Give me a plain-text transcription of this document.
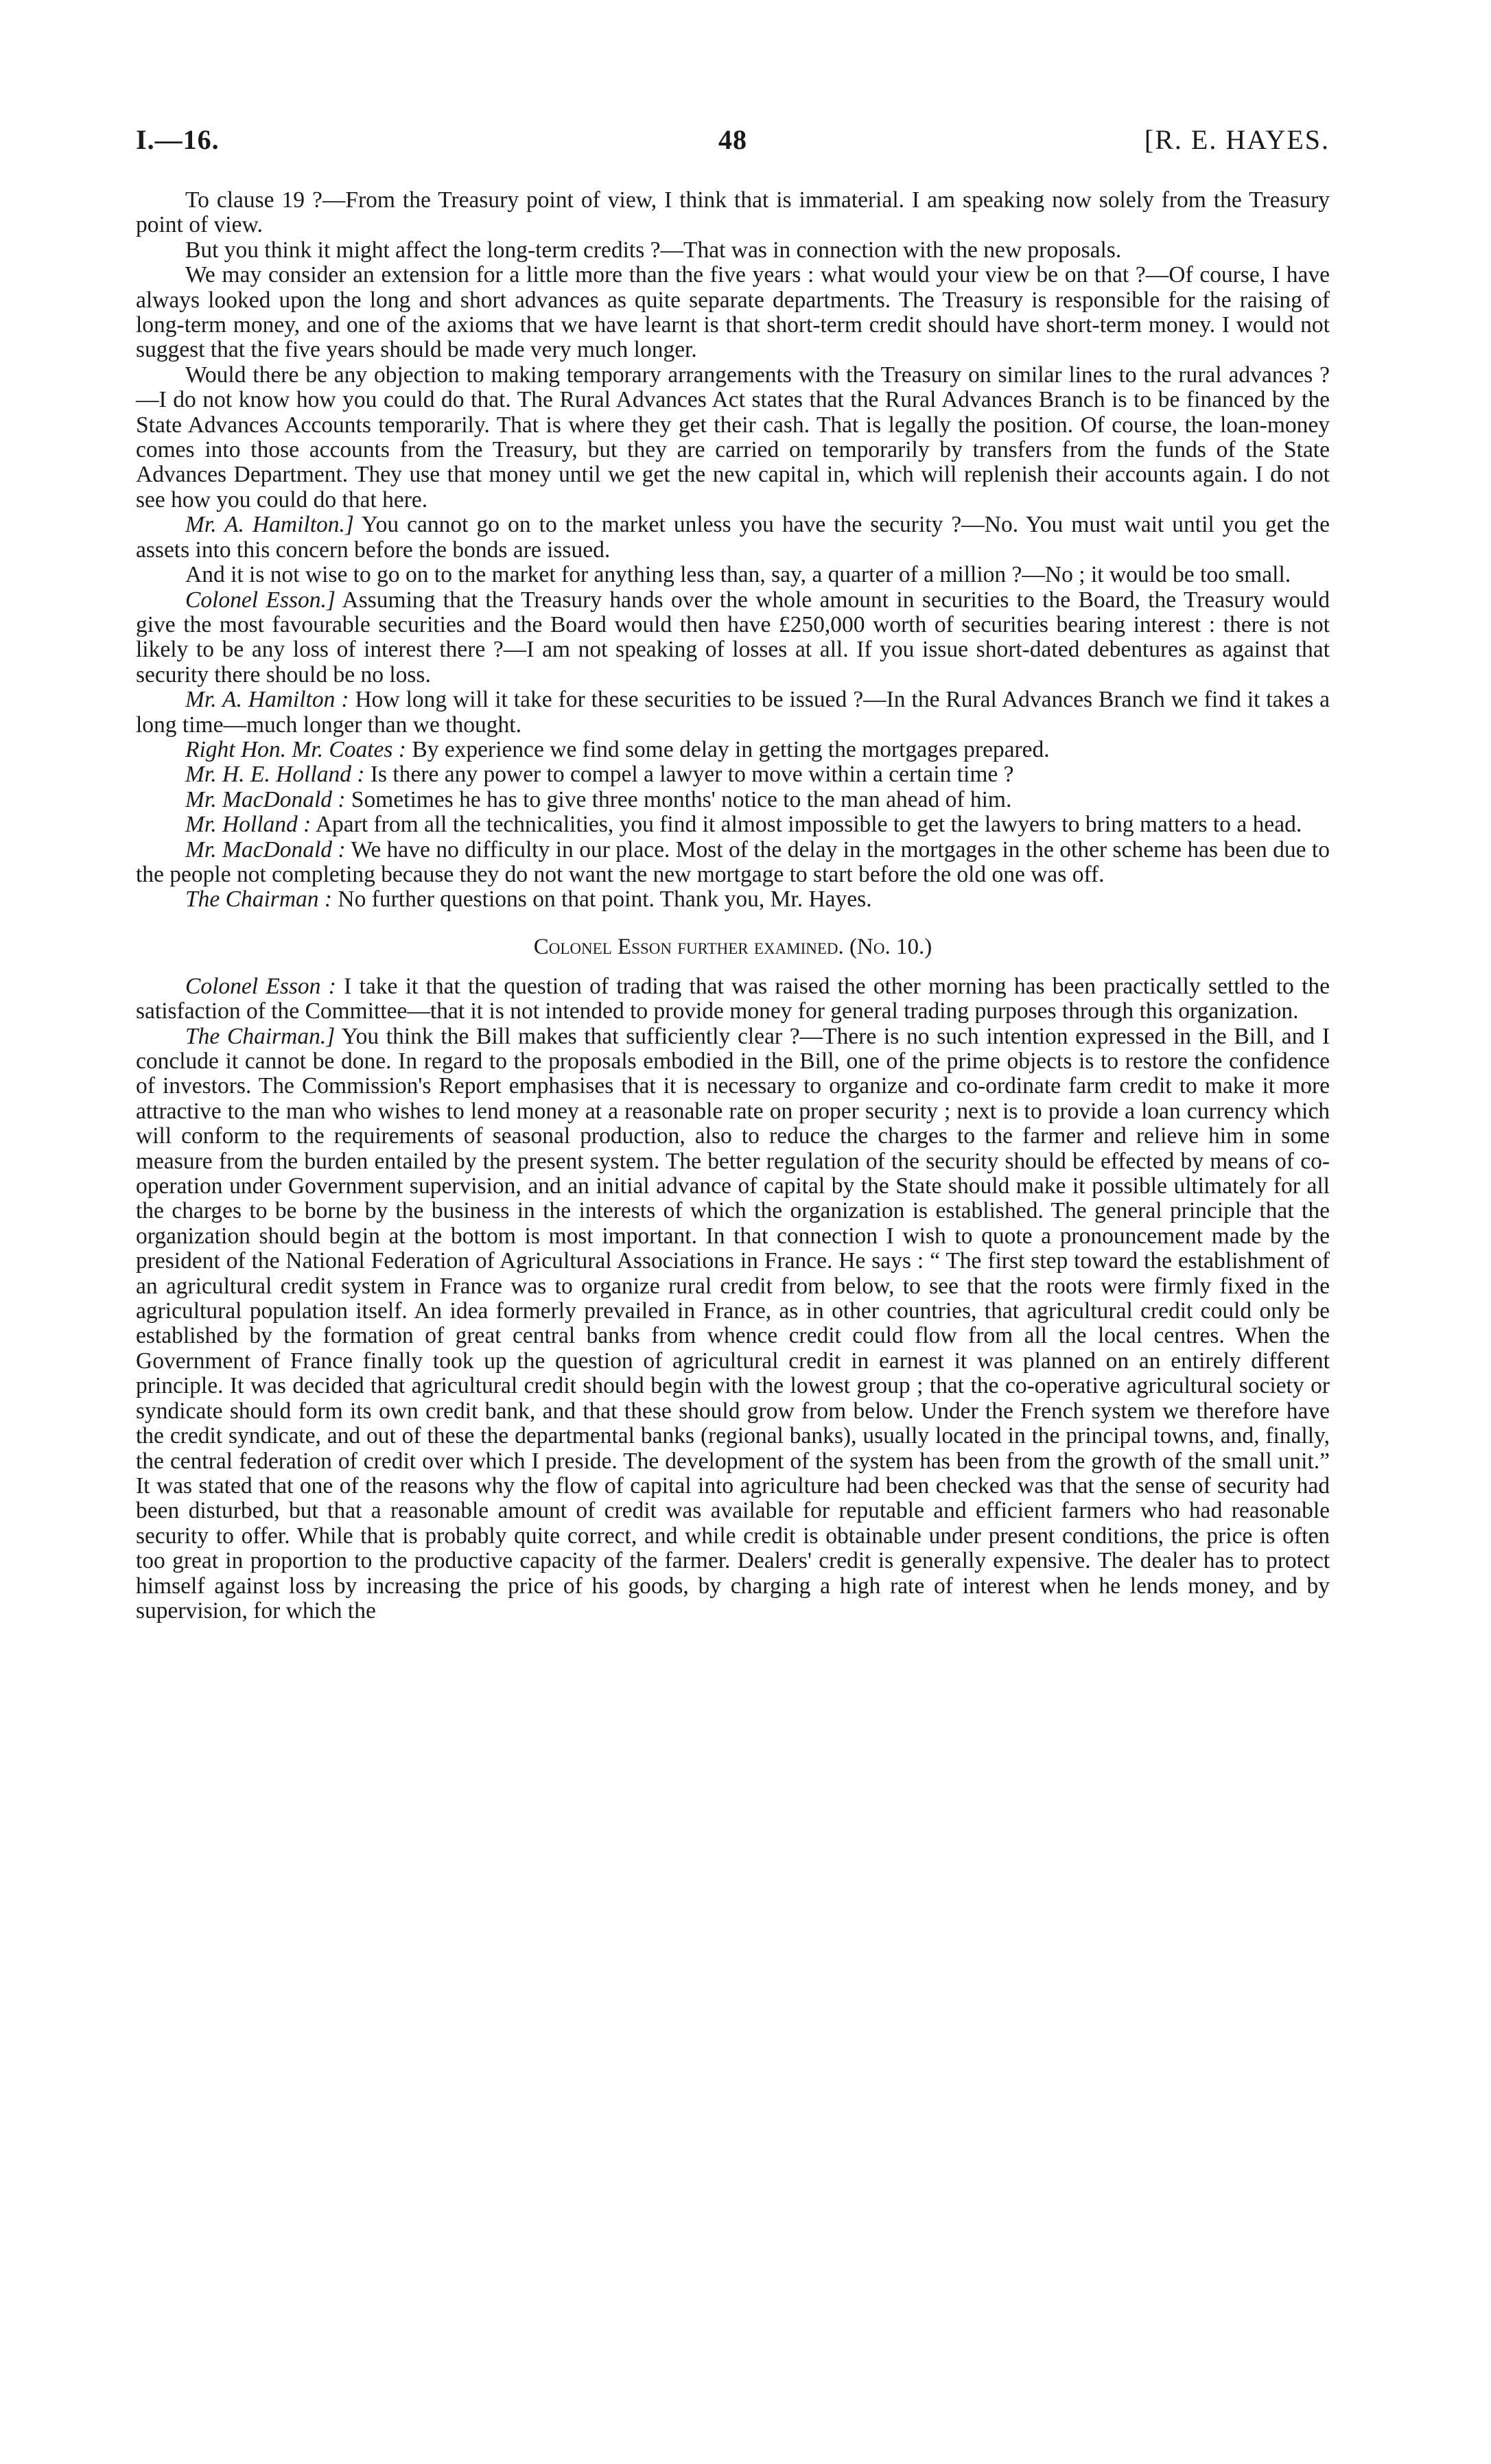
I.—16.	48	[R. E. HAYES.

To clause 19 ?—From the Treasury point of view, I think that is immaterial. I am speaking now solely from the Treasury point of view.

But you think it might affect the long-term credits ?—That was in connection with the new proposals.

We may consider an extension for a little more than the five years : what would your view be on that ?—Of course, I have always looked upon the long and short advances as quite separate departments. The Treasury is responsible for the raising of long-term money, and one of the axioms that we have learnt is that short-term credit should have short-term money. I would not suggest that the five years should be made very much longer.

Would there be any objection to making temporary arrangements with the Treasury on similar lines to the rural advances ?—I do not know how you could do that. The Rural Advances Act states that the Rural Advances Branch is to be financed by the State Advances Accounts temporarily. That is where they get their cash. That is legally the position. Of course, the loan-money comes into those accounts from the Treasury, but they are carried on temporarily by transfers from the funds of the State Advances Department. They use that money until we get the new capital in, which will replenish their accounts again. I do not see how you could do that here.

Mr. A. Hamilton.] You cannot go on to the market unless you have the security ?—No. You must wait until you get the assets into this concern before the bonds are issued.

And it is not wise to go on to the market for anything less than, say, a quarter of a million ?—No ; it would be too small.

Colonel Esson.] Assuming that the Treasury hands over the whole amount in securities to the Board, the Treasury would give the most favourable securities and the Board would then have £250,000 worth of securities bearing interest : there is not likely to be any loss of interest there ?—I am not speaking of losses at all. If you issue short-dated debentures as against that security there should be no loss.

Mr. A. Hamilton : How long will it take for these securities to be issued ?—In the Rural Advances Branch we find it takes a long time—much longer than we thought.

Right Hon. Mr. Coates : By experience we find some delay in getting the mortgages prepared.

Mr. H. E. Holland : Is there any power to compel a lawyer to move within a certain time ?

Mr. MacDonald : Sometimes he has to give three months' notice to the man ahead of him.

Mr. Holland : Apart from all the technicalities, you find it almost impossible to get the lawyers to bring matters to a head.

Mr. MacDonald : We have no difficulty in our place. Most of the delay in the mortgages in the other scheme has been due to the people not completing because they do not want the new mortgage to start before the old one was off.

The Chairman : No further questions on that point. Thank you, Mr. Hayes.

Colonel Esson further examined. (No. 10.)

Colonel Esson : I take it that the question of trading that was raised the other morning has been practically settled to the satisfaction of the Committee—that it is not intended to provide money for general trading purposes through this organization.

The Chairman.] You think the Bill makes that sufficiently clear ?—There is no such intention expressed in the Bill, and I conclude it cannot be done. In regard to the proposals embodied in the Bill, one of the prime objects is to restore the confidence of investors. The Commission's Report emphasises that it is necessary to organize and co-ordinate farm credit to make it more attractive to the man who wishes to lend money at a reasonable rate on proper security ; next is to provide a loan currency which will conform to the requirements of seasonal production, also to reduce the charges to the farmer and relieve him in some measure from the burden entailed by the present system. The better regulation of the security should be effected by means of co-operation under Government supervision, and an initial advance of capital by the State should make it possible ultimately for all the charges to be borne by the business in the interests of which the organization is established. The general principle that the organization should begin at the bottom is most important. In that connection I wish to quote a pronouncement made by the president of the National Federation of Agricultural Associations in France. He says : “ The first step toward the establishment of an agricultural credit system in France was to organize rural credit from below, to see that the roots were firmly fixed in the agricultural population itself. An idea formerly prevailed in France, as in other countries, that agricultural credit could only be established by the formation of great central banks from whence credit could flow from all the local centres. When the Government of France finally took up the question of agricultural credit in earnest it was planned on an entirely different principle. It was decided that agricultural credit should begin with the lowest group ; that the co-operative agricultural society or syndicate should form its own credit bank, and that these should grow from below. Under the French system we therefore have the credit syndicate, and out of these the departmental banks (regional banks), usually located in the principal towns, and, finally, the central federation of credit over which I preside. The development of the system has been from the growth of the small unit.” It was stated that one of the reasons why the flow of capital into agriculture had been checked was that the sense of security had been disturbed, but that a reasonable amount of credit was available for reputable and efficient farmers who had reasonable security to offer. While that is probably quite correct, and while credit is obtainable under present conditions, the price is often too great in proportion to the productive capacity of the farmer. Dealers' credit is generally expensive. The dealer has to protect himself against loss by increasing the price of his goods, by charging a high rate of interest when he lends money, and by supervision, for which the
